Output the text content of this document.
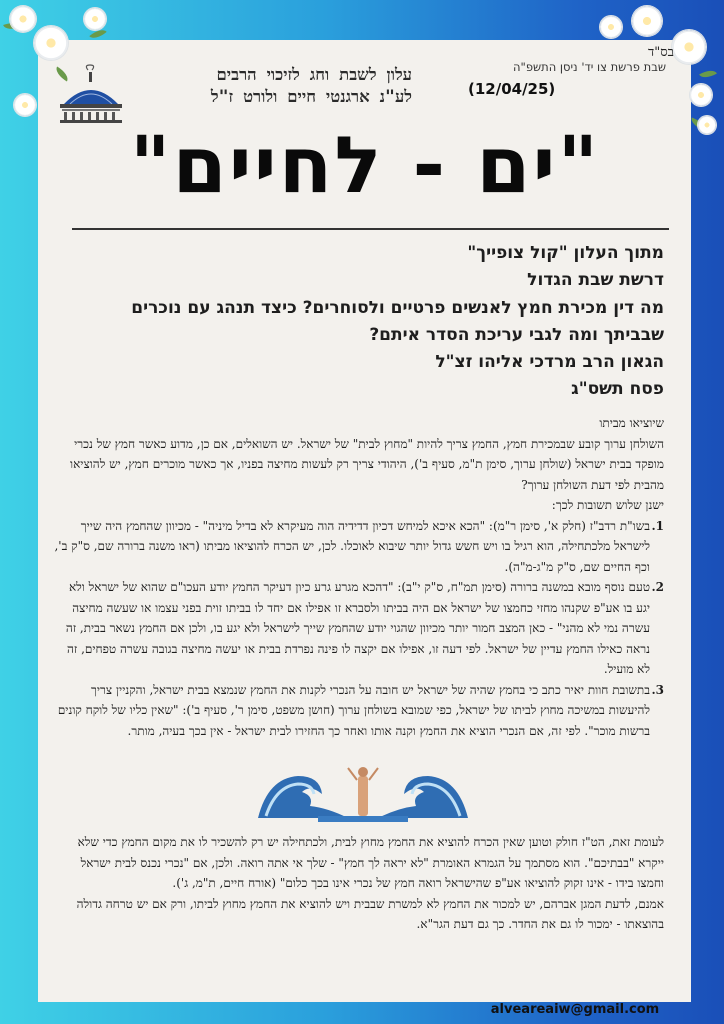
בס"ד
שבת פרשת צו יד' ניסן התשפ"ה
(12/04/25)
עלון לשבת וחג לזיכוי הרבים
לע"נ ארגנטי חיים ולורט ז"ל
"ים - לחיים"
מתוך העלון "קול צופייך"
דרשת שבת הגדול
מה דין מכירת חמץ לאנשים פרטיים ולסוחרים? כיצד תנהג עם נוכרים
שבביתך ומה לגבי עריכת הסדר איתם?
הגאון הרב מרדכי אליהו זצ"ל
פסח תשס"ג

שיוציאו מביתו

השולחן ערוך קובע שבמכירת חמץ, החמץ צריך להיות "מחוץ לבית" של ישראל. יש השואלים, אם כן, מדוע כאשר חמץ של נכרי מופקד בבית ישראל (שולחן ערוך, סימן ת"מ, סעיף ב'), היהודי צריך רק לעשות מחיצה בפניו, אך כאשר מוכרים חמץ, יש להוציאו מהבית לפי דעת השולחן ערוך?

ישנן שלוש תשובות לכך:

1.
בשו"ת רדב"ז (חלק א', סימן ר"מ): "הכא איכא למיחש דכיון דדידיה הוה מעיקרא לא בדיל מיניה" - מכיוון שהחמץ היה שייך לישראל מלכתחילה, הוא רגיל בו ויש חשש גדול יותר שיבוא לאוכלו. לכן, יש הכרח להוציאו מביתו (ראו משנה ברורה שם, ס"ק ב', וכף החיים שם, ס"ק מ"ג-מ"ה).
2.
טעם נוסף מובא במשנה ברורה (סימן תמ"ח, ס"ק י"ב): "דהכא מגרע גרע כיון דעיקר החמץ יודע העכו"ם שהוא של ישראל ולא יגע בו אע"פ שקנהו מחזי כחמצו של ישראל אם היה בביתו ולסברא זו אפילו אם יחד לו בביתו זוית בפני עצמו או שעשה מחיצה עשרה נמי לא מהני" - כאן המצב חמור יותר מכיוון שהגוי יודע שהחמץ שייך לישראל ולא יגע בו, ולכן אם החמץ נשאר בבית, זה נראה כאילו החמץ עדיין של ישראל. לפי דעה זו, אפילו אם יקצה לו פינה נפרדת בבית או יעשה מחיצה בגובה עשרה טפחים, זה לא מועיל.
3.
בתשובת חוות יאיר כתב כי בחמץ שהיה של ישראל יש חובה על הנכרי לקנות את החמץ שנמצא בבית ישראל, והקניין צריך להיעשות במשיכה מחוץ לביתו של ישראל, כפי שמובא בשולחן ערוך (חושן משפט, סימן ר', סעיף ב'): "שאין כליו של לוקח קונים ברשות מוכר". לפי זה, אם הנכרי הוציא את החמץ וקנה אותו ואחר כך החזירו לבית ישראל - אין בכך בעיה, מותר.

לעומת זאת, הט"ז חולק וטוען שאין הכרח להוציא את החמץ מחוץ לבית, ולכתחילה יש רק להשכיר לו את מקום החמץ כדי שלא ייקרא "בבתיכם". הוא מסתמך על הגמרא האומרת "לא יראה לך חמץ" - שלך אי אתה רואה. ולכן, אם "נכרי נכנס לבית ישראל וחמצו בידו - אינו זקוק להוציאו אע"פ שהישראל רואה חמץ של נכרי אינו בכך כלום" (אורח חיים, ת"מ, ג').

אמנם, לדעת המגן אברהם, יש למכור את החמץ לא למשרת שבבית ויש להוציא את החמץ מחוץ לביתו, ורק אם יש טרחה גדולה בהוצאתו - ימכור לו גם את החדר. כך גם דעת הגר"א.

alveareaiw@gmail.com
